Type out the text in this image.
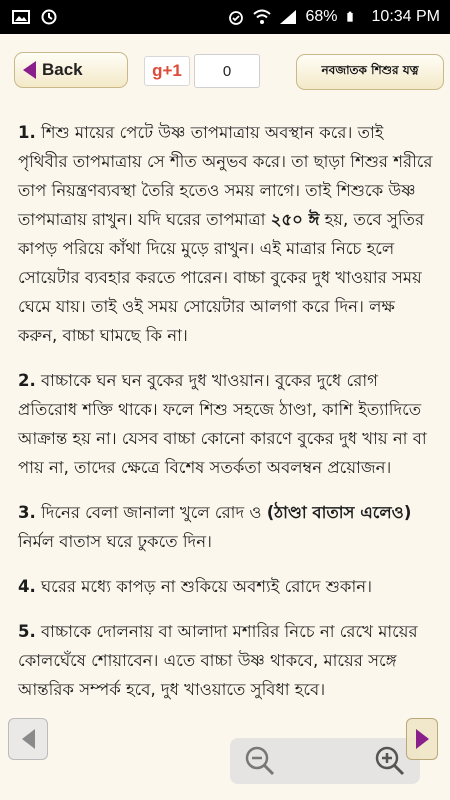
68% 10:34 PM
Back	g+1	0	নবজাতক শিশুর যত্ন

1. শিশু মায়ের পেটে উষ্ণ তাপমাত্রায় অবস্থান করে। তাই পৃথিবীর তাপমাত্রায় সে শীত অনুভব করে। তা ছাড়া শিশুর শরীরে তাপ নিয়ন্ত্রণব্যবস্থা তৈরি হতেও সময় লাগে। তাই শিশুকে উষ্ণ তাপমাত্রায় রাখুন। যদি ঘরের তাপমাত্রা ২৫০ ঈ হয়, তবে সুতির কাপড় পরিয়ে কাঁথা দিয়ে মুড়ে রাখুন। এই মাত্রার নিচে হলে সোয়েটার ব্যবহার করতে পারেন। বাচ্চা বুকের দুধ খাওয়ার সময় ঘেমে যায়। তাই ওই সময় সোয়েটার আলগা করে দিন। লক্ষ করুন, বাচ্চা ঘামছে কি না।

2. বাচ্চাকে ঘন ঘন বুকের দুধ খাওয়ান। বুকের দুধে রোগ প্রতিরোধ শক্তি থাকে। ফলে শিশু সহজে ঠাণ্ডা, কাশি ইত্যাদিতে আক্রান্ত হয় না। যেসব বাচ্চা কোনো কারণে বুকের দুধ খায় না বা পায় না, তাদের ক্ষেত্রে বিশেষ সতর্কতা অবলম্বন প্রয়োজন।

3. দিনের বেলা জানালা খুলে রোদ ও (ঠাণ্ডা বাতাস এলেও) নির্মল বাতাস ঘরে ঢুকতে দিন।

4. ঘরের মধ্যে কাপড় না শুকিয়ে অবশ্যই রোদে শুকান।

5. বাচ্চাকে দোলনায় বা আলাদা মশারির নিচে না রেখে মায়ের কোলঘেঁষে শোয়াবেন। এতে বাচ্চা উষ্ণ থাকবে, মায়ের সঙ্গে আন্তরিক সম্পর্ক হবে, দুধ খাওয়াতে সুবিধা হবে।
